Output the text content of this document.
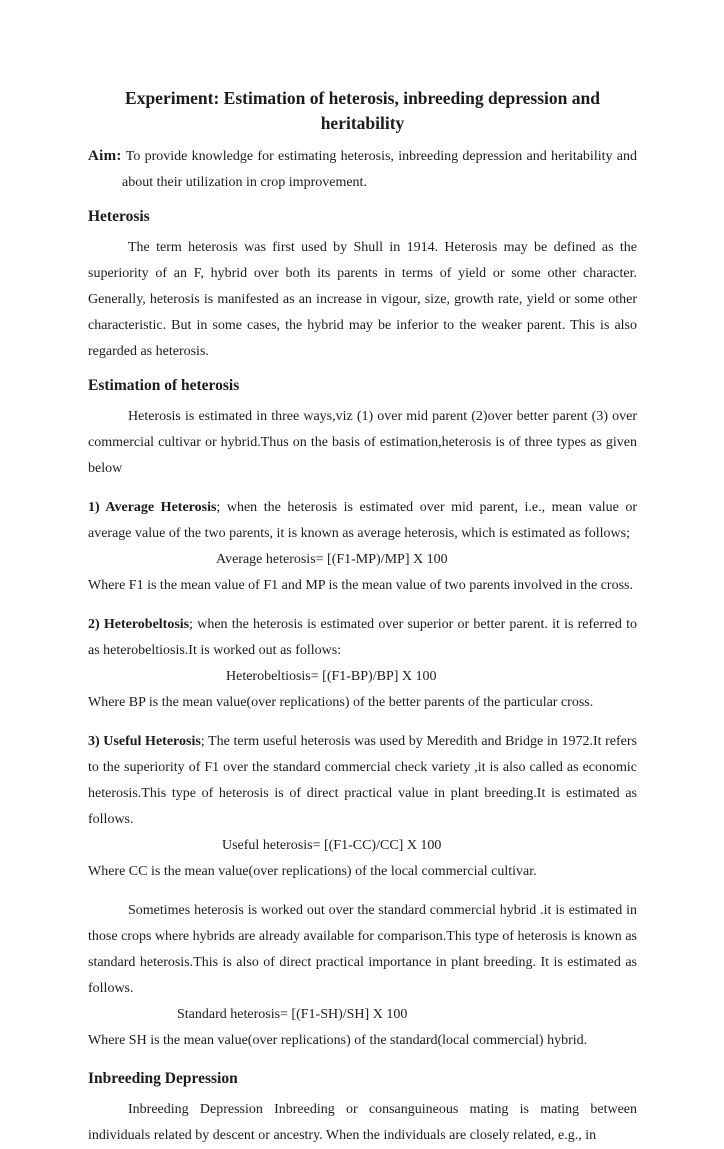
Experiment: Estimation of heterosis, inbreeding depression and
heritability

Aim: To provide knowledge for estimating heterosis, inbreeding depression and heritability and about their utilization in crop improvement.

Heterosis

The term heterosis was first used by Shull in 1914. Heterosis may be defined as the superiority of an F, hybrid over both its parents in terms of yield or some other character. Generally, heterosis is manifested as an increase in vigour, size, growth rate, yield or some other characteristic. But in some cases, the hybrid may be inferior to the weaker parent. This is also regarded as heterosis.

Estimation of heterosis

Heterosis is estimated in three ways,viz (1) over mid parent (2)over better parent (3) over commercial cultivar or hybrid.Thus on the basis of estimation,heterosis is of three types as given below

1) Average Heterosis; when the heterosis is estimated over mid parent, i.e., mean value or average value of the two parents, it is known as average heterosis, which is estimated as follows;

Average heterosis= [(F1-MP)/MP] X 100

Where F1 is the mean value of F1 and MP is the mean value of two parents involved in the cross.

2) Heterobeltosis; when the heterosis is estimated over superior or better parent. it is referred to as heterobeltiosis.It is worked out as follows:

Heterobeltiosis= [(F1-BP)/BP] X 100

Where BP is the mean value(over replications) of the better parents of the particular cross.

3) Useful Heterosis; The term useful heterosis was used by Meredith and Bridge in 1972.It refers to the superiority of F1 over the standard commercial check variety ,it is also called as economic heterosis.This type of heterosis is of direct practical value in plant breeding.It is estimated as follows.

Useful heterosis= [(F1-CC)/CC] X 100

Where CC is the mean value(over replications) of the local commercial cultivar.

Sometimes heterosis is worked out over the standard commercial hybrid .it is estimated in those crops where hybrids are already available for comparison.This type of heterosis is known as standard heterosis.This is also of direct practical importance in plant breeding. It is estimated as follows.

Standard heterosis= [(F1-SH)/SH] X 100

Where SH is the mean value(over replications) of the standard(local commercial) hybrid.

Inbreeding Depression

Inbreeding Depression Inbreeding or consanguineous mating is mating between individuals related by descent or ancestry. When the individuals are closely related, e.g., in
